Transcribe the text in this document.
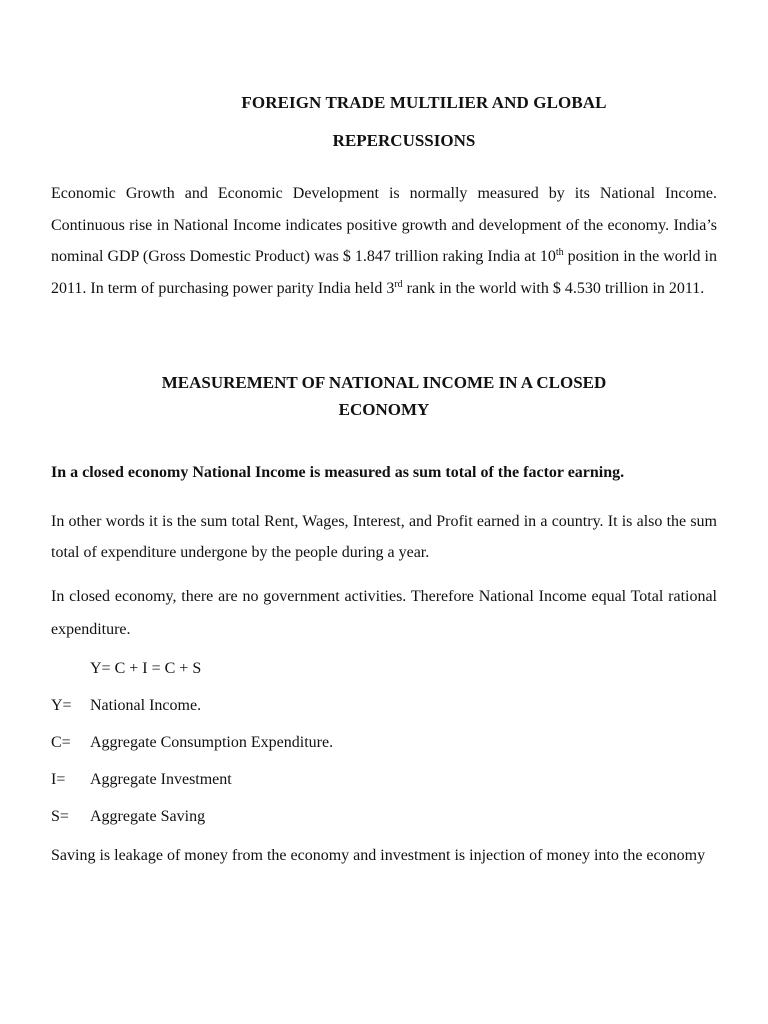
FOREIGN TRADE MULTILIER AND GLOBAL
REPERCUSSIONS
Economic Growth and Economic Development is normally measured by its National Income. Continuous rise in National Income indicates positive growth and development of the economy. India’s nominal GDP (Gross Domestic Product) was $ 1.847 trillion raking India at 10th position in the world in 2011. In term of purchasing power parity India held 3rd rank in the world with $ 4.530 trillion in 2011.
MEASUREMENT OF NATIONAL INCOME IN A CLOSED
ECONOMY
In a closed economy National Income is measured as sum total of the factor earning.
In other words it is the sum total Rent, Wages, Interest, and Profit earned in a country. It is also the sum total of expenditure undergone by the people during a year.
In closed economy, there are no government activities. Therefore National Income equal Total rational expenditure.
Y= C + I = C + S
Y=	National Income.
C=	Aggregate Consumption Expenditure.
I=	Aggregate Investment
S=	Aggregate Saving
Saving is leakage of money from the economy and investment is injection of money into the economy
